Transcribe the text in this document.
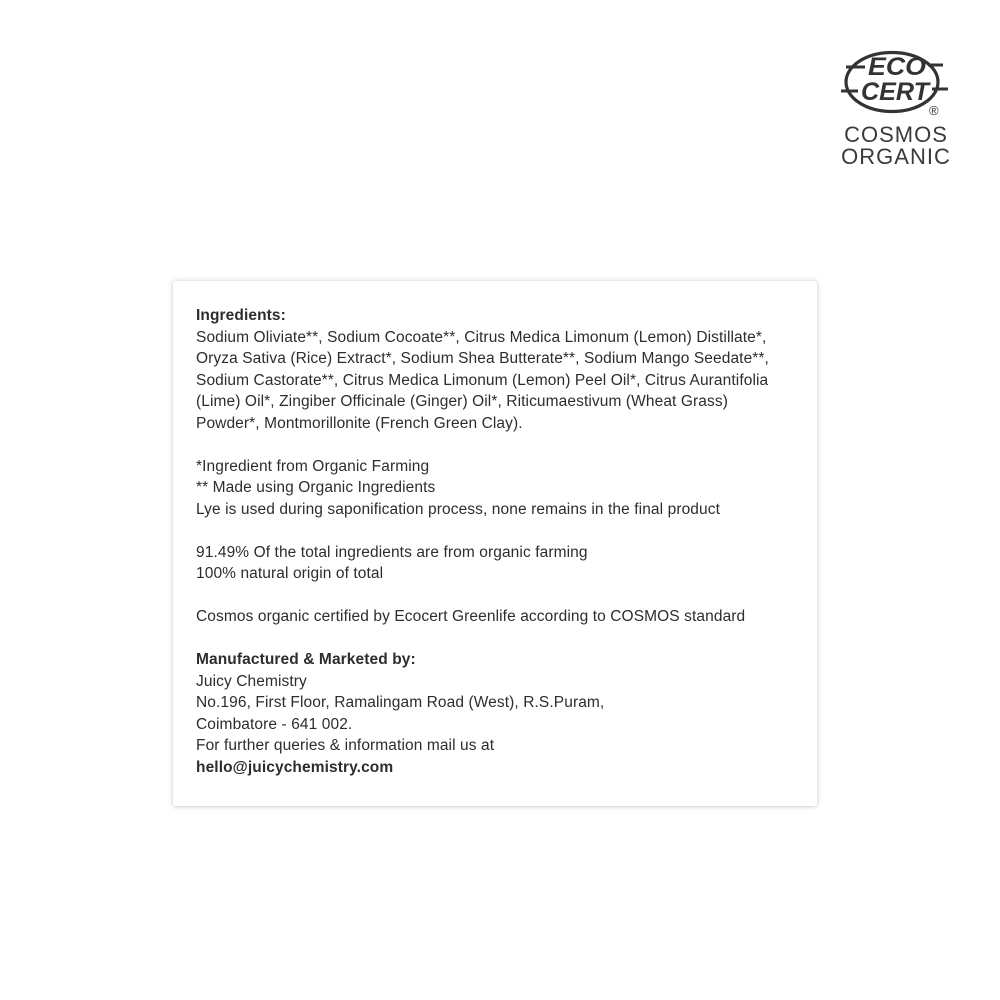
ECO
CERT
®
COSMOS
ORGANIC
Ingredients:
Sodium Oliviate**, Sodium Cocoate**, Citrus Medica Limonum (Lemon) Distillate*,
Oryza Sativa (Rice) Extract*, Sodium Shea Butterate**, Sodium Mango Seedate**,
Sodium Castorate**, Citrus Medica Limonum (Lemon) Peel Oil*, Citrus Aurantifolia
(Lime) Oil*, Zingiber Officinale (Ginger) Oil*, Riticumaestivum (Wheat Grass)
Powder*, Montmorillonite (French Green Clay).
*Ingredient from Organic Farming
** Made using Organic Ingredients
Lye is used during saponification process, none remains in the final product
91.49% Of the total ingredients are from organic farming
100% natural origin of total
Cosmos organic certified by Ecocert Greenlife according to COSMOS standard
Manufactured & Marketed by:
Juicy Chemistry
No.196, First Floor, Ramalingam Road (West), R.S.Puram,
Coimbatore - 641 002.
For further queries & information mail us at
hello@juicychemistry.com
